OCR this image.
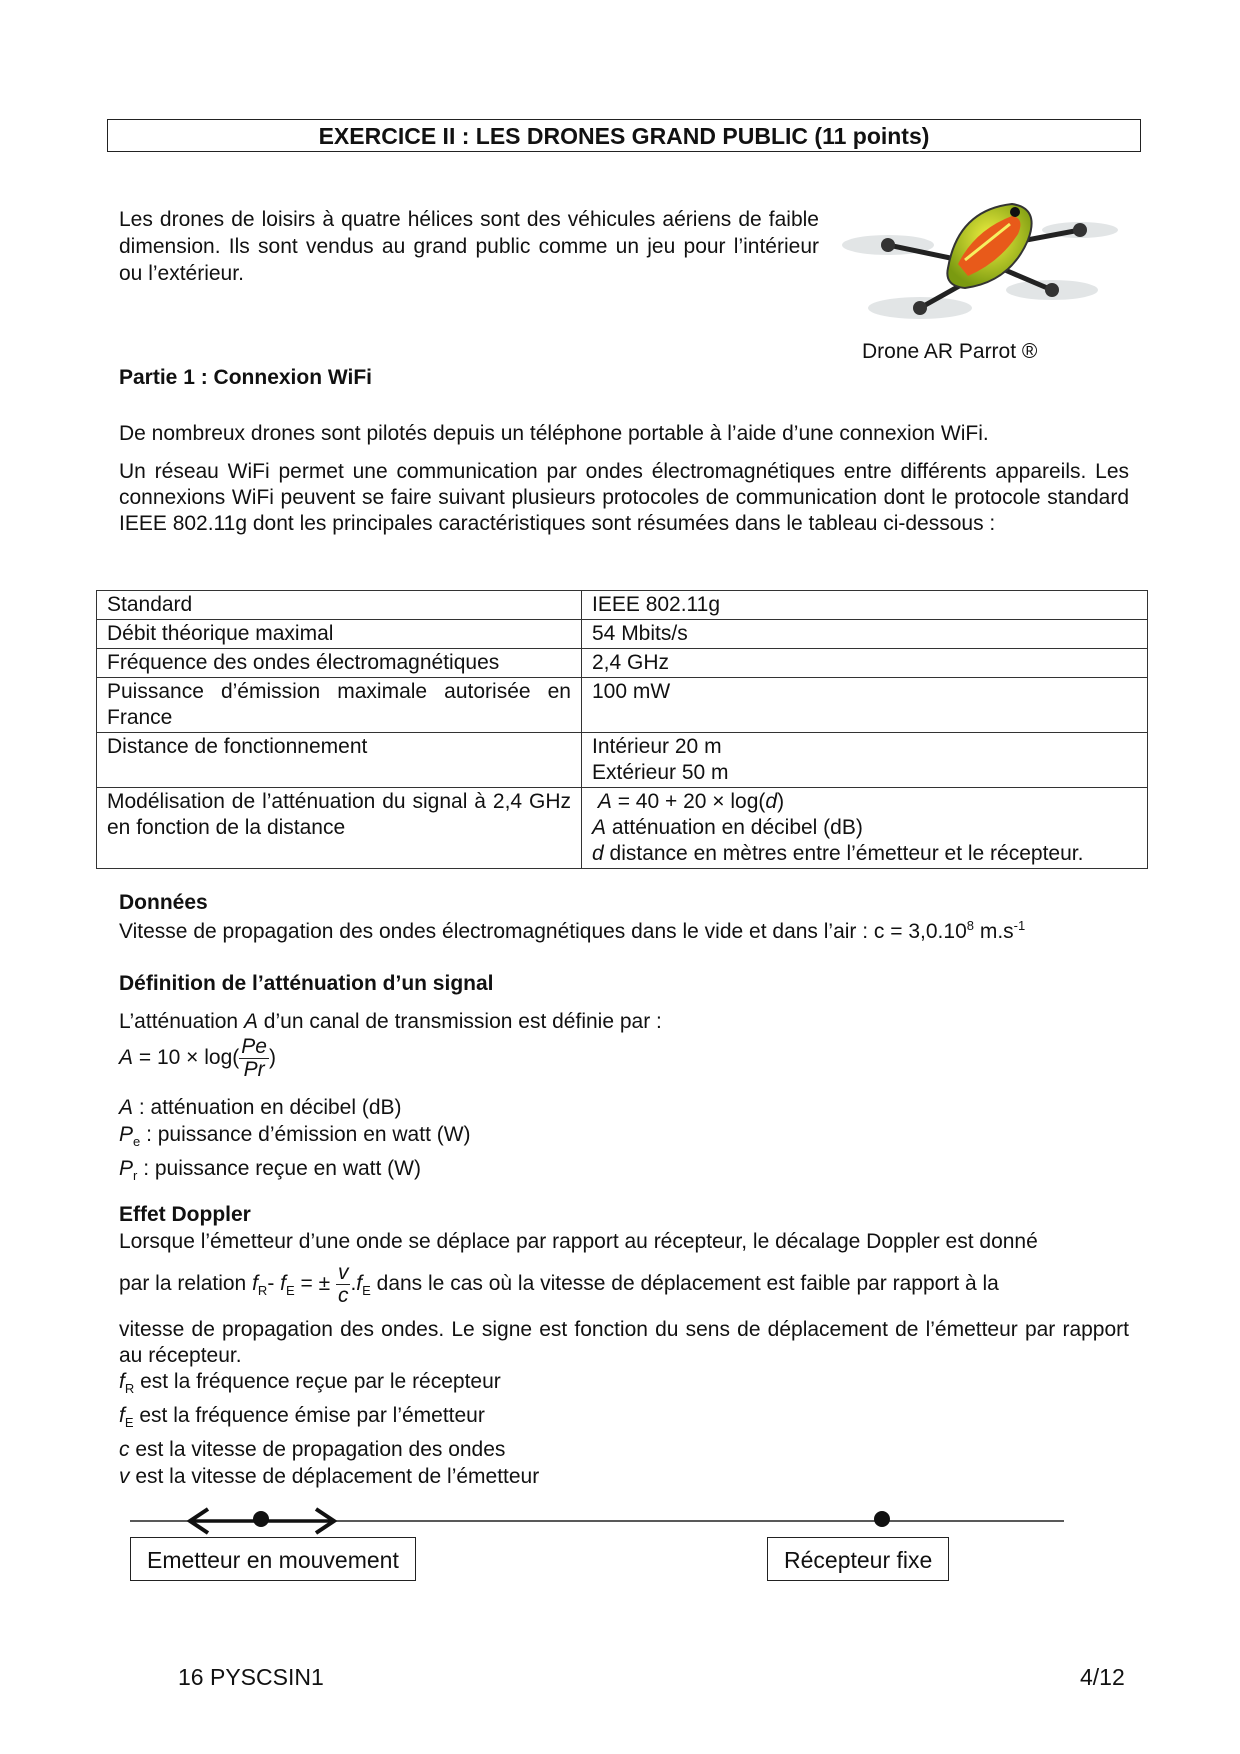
EXERCICE II : LES DRONES GRAND PUBLIC (11 points)
Les drones de loisirs à quatre hélices sont des véhicules aériens de faible dimension. Ils sont vendus au grand public comme un jeu pour l’intérieur ou l’extérieur.
Drone AR Parrot ®
Partie 1 : Connexion WiFi
De nombreux drones sont pilotés depuis un téléphone portable à l’aide d’une connexion WiFi.
Un réseau WiFi permet une communication par ondes électromagnétiques entre différents appareils. Les connexions WiFi peuvent se faire suivant plusieurs protocoles de communication dont le protocole standard IEEE 802.11g dont les principales caractéristiques sont résumées dans le tableau ci-dessous :
Standard	IEEE 802.11g
Débit théorique maximal	54 Mbits/s
Fréquence des ondes électromagnétiques	2,4 GHz
Puissance d’émission maximale autorisée en France	100 mW
Distance de fonctionnement	Intérieur 20 m
Extérieur 50 m

Modélisation de l’atténuation du signal à 2,4 GHz en fonction de la distance	A = 40 + 20 × log(d)
A atténuation en décibel (dB)
d distance en mètres entre l’émetteur et le récepteur.
Données
Vitesse de propagation des ondes électromagnétiques dans le vide et dans l’air : $c = 3,0.10^8$ $m.s^{-1}$
Définition de l’atténuation d’un signal
L’atténuation A d’un canal de transmission est définie par :
$A = 10 \times \log( \frac{Pe}{Pr}$ )
A : atténuation en décibel (dB)
$P_e$ : puissance d’émission en watt (W)
$P_r$ : puissance reçue en watt (W)
Effet Doppler
Lorsque l’émetteur d’une onde se déplace par rapport au récepteur, le décalage Doppler est donné
par la relation $f_R-$ $f_E$ = ± $\frac{v}{c} .f_E$ dans le cas où la vitesse de déplacement est faible par rapport à la
vitesse de propagation des ondes. Le signe est fonction du sens de déplacement de l’émetteur par rapport au récepteur.
$f_R$ est la fréquence reçue par le récepteur
$f_E$ est la fréquence émise par l’émetteur
c est la vitesse de propagation des ondes
v est la vitesse de déplacement de l’émetteur
Emetteur en mouvement	Récepteur fixe
16 PYSCSIN1	4/12
